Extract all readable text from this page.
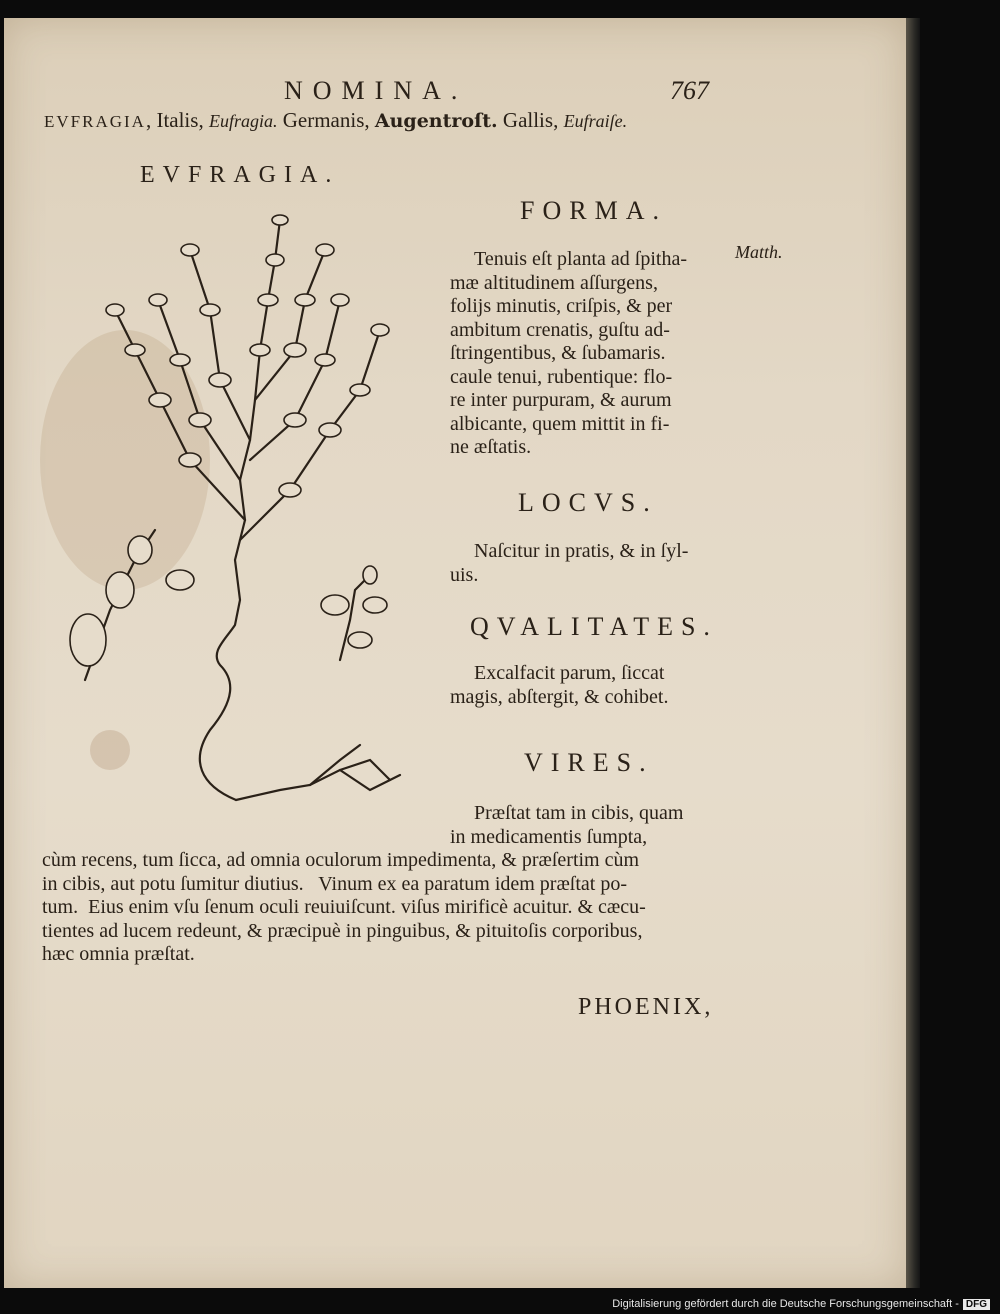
NOMINA.	767
EVFRAGIA, Italis, Eufragia. Germanis, Augentroſt. Gallis, Eufraiſe.
EVFRAGIA.
FORMA.
Matth.
Tenuis eſt planta ad ſpitha-
mæ altitudinem aſſurgens,
folijs minutis, criſpis, & per
ambitum crenatis, guſtu ad-
ſtringentibus, & ſubamaris.
caule tenui, rubentique: flo-
re inter purpuram, & aurum
albicante, quem mittit in fi-
ne æſtatis.
LOCVS.
Naſcitur in pratis, & in ſyl-
uis.
QVALITATES.
Excalfacit parum, ſiccat
magis, abſtergit, & cohibet.
VIRES.
Præſtat tam in cibis, quam
in medicamentis ſumpta,
cùm recens, tum ſicca, ad omnia oculorum impedimenta, & præſertim cùm
in cibis, aut potu ſumitur diutius.   Vinum ex ea paratum idem præſtat po-
tum.  Eius enim vſu ſenum oculi reuiuiſcunt. viſus mirificè acuitur. & cæcu-
tientes ad lucem redeunt, & præcipuè in pinguibus, & pituitoſis corporibus,
hæc omnia præſtat.
PHOENIX,
Digitalisierung gefördert durch die Deutsche Forschungsgemeinschaft - DFG
